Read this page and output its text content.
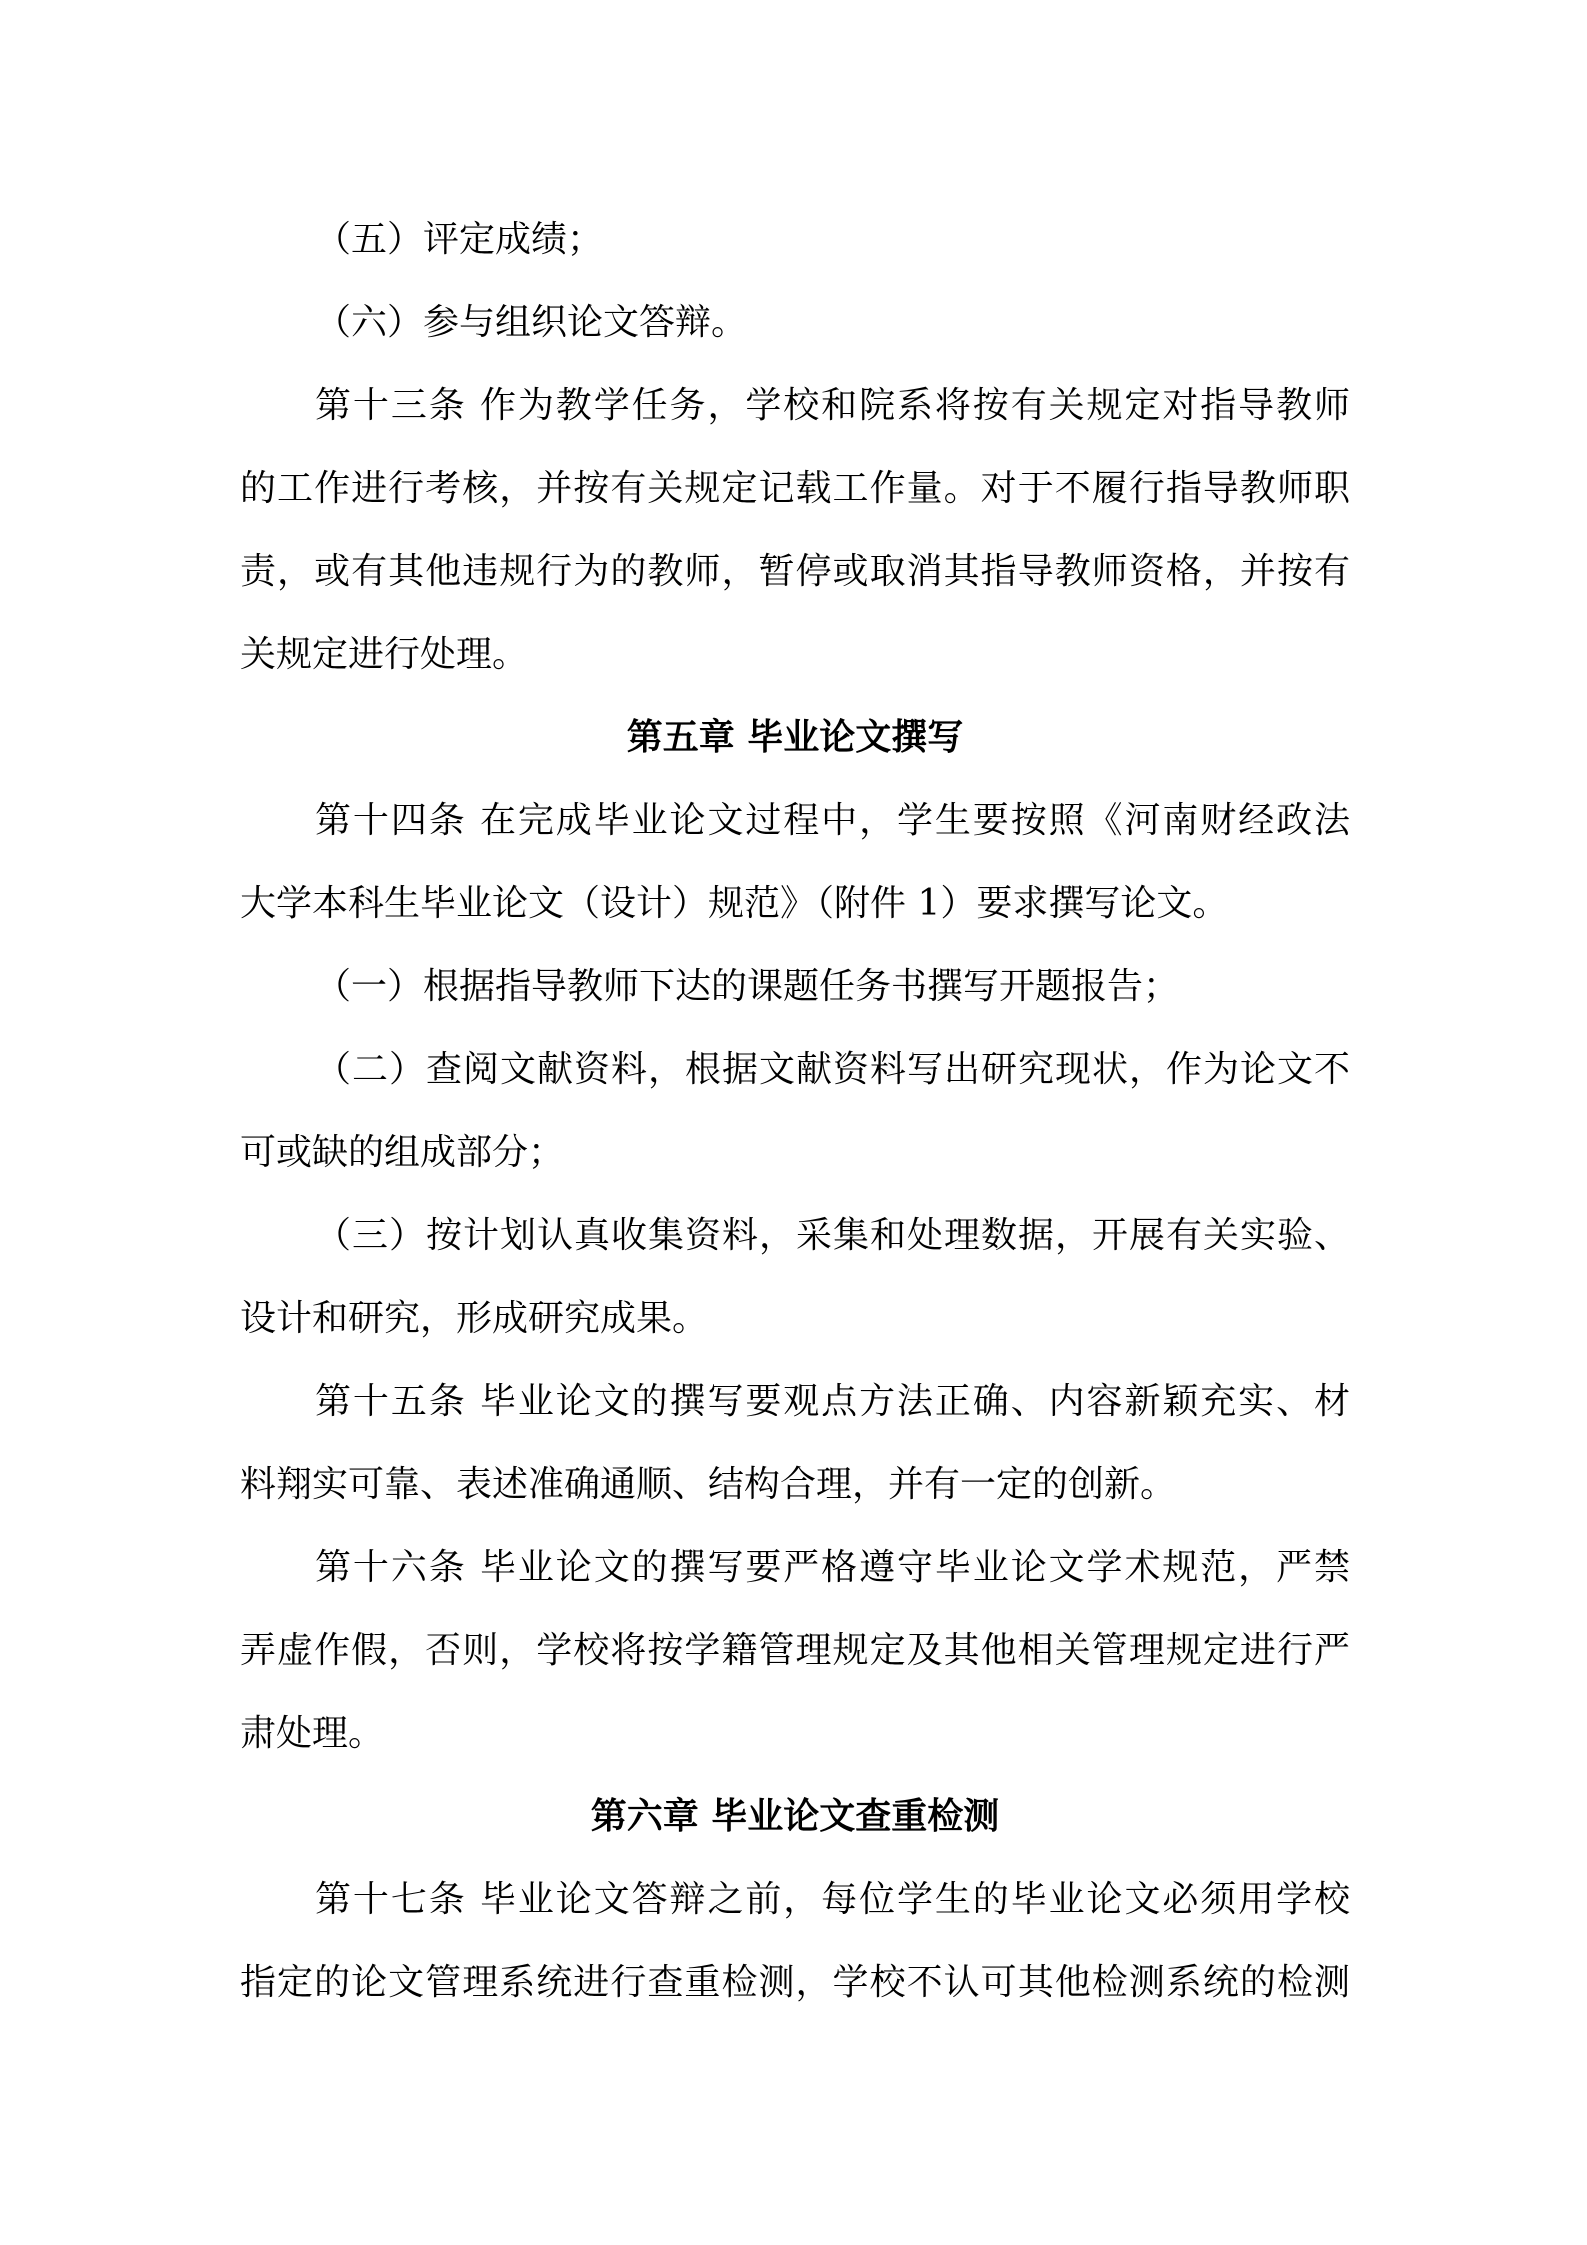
（五）评定成绩；
（六）参与组织论文答辩。
第十三条 作为教学任务，学校和院系将按有关规定对指导教师
的工作进行考核，并按有关规定记载工作量。对于不履行指导教师职
责，或有其他违规行为的教师，暂停或取消其指导教师资格，并按有
关规定进行处理。
第五章 毕业论文撰写
第十四条 在完成毕业论文过程中，学生要按照《河南财经政法
大学本科生毕业论文（设计）规范》（附件 1）要求撰写论文。
（一）根据指导教师下达的课题任务书撰写开题报告；
（二）查阅文献资料，根据文献资料写出研究现状，作为论文不
可或缺的组成部分；
（三）按计划认真收集资料，采集和处理数据，开展有关实验、
设计和研究，形成研究成果。
第十五条 毕业论文的撰写要观点方法正确、内容新颖充实、材
料翔实可靠、表述准确通顺、结构合理，并有一定的创新。
第十六条 毕业论文的撰写要严格遵守毕业论文学术规范，严禁
弄虚作假，否则，学校将按学籍管理规定及其他相关管理规定进行严
肃处理。
第六章 毕业论文查重检测
第十七条 毕业论文答辩之前，每位学生的毕业论文必须用学校
指定的论文管理系统进行查重检测，学校不认可其他检测系统的检测
